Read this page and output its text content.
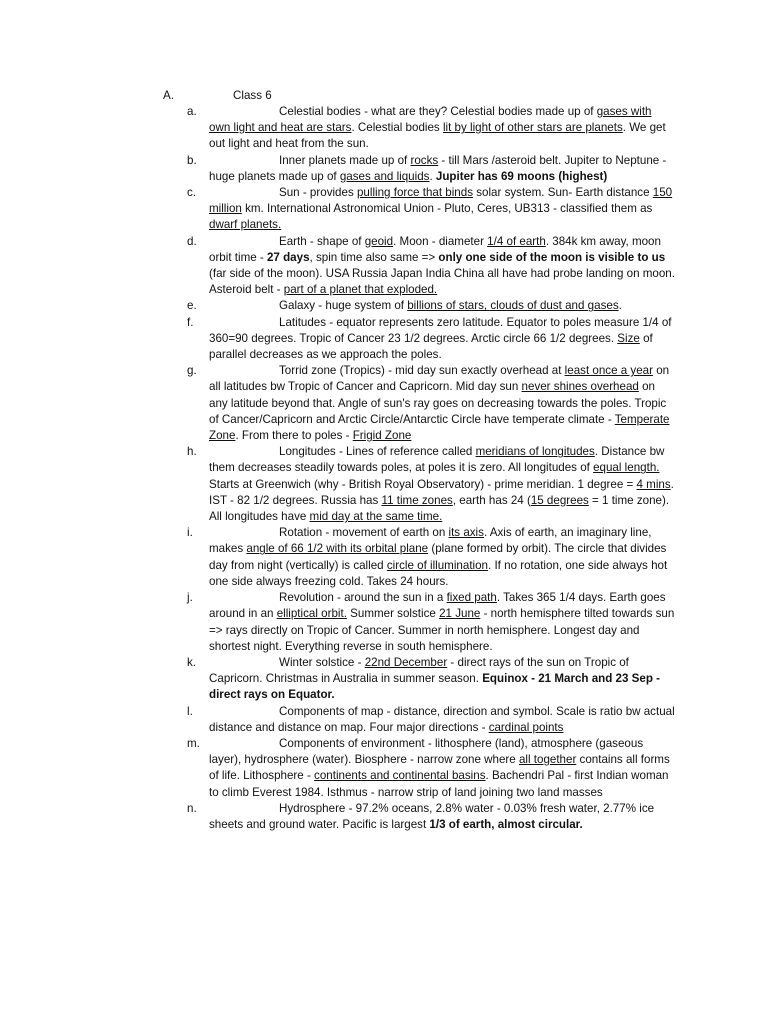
A.	Class 6
a.	Celestial bodies - what are they? Celestial bodies made up of gases with own light and heat are stars. Celestial bodies lit by light of other stars are planets. We get out light and heat from the sun.
b.	Inner planets made up of rocks - till Mars /asteroid belt. Jupiter to Neptune - huge planets made up of gases and liquids. Jupiter has 69 moons (highest)
c.	Sun - provides pulling force that binds solar system. Sun- Earth distance 150 million km. International Astronomical Union - Pluto, Ceres, UB313 - classified them as dwarf planets.
d.	Earth - shape of geoid. Moon - diameter 1/4 of earth. 384k km away, moon orbit time - 27 days, spin time also same => only one side of the moon is visible to us (far side of the moon). USA Russia Japan India China all have had probe landing on moon. Asteroid belt - part of a planet that exploded.
e.	Galaxy - huge system of billions of stars, clouds of dust and gases.
f.	Latitudes - equator represents zero latitude. Equator to poles measure 1/4 of 360=90 degrees. Tropic of Cancer 23 1/2 degrees. Arctic circle 66 1/2 degrees. Size of parallel decreases as we approach the poles.
g.	Torrid zone (Tropics) - mid day sun exactly overhead at least once a year on all latitudes bw Tropic of Cancer and Capricorn. Mid day sun never shines overhead on any latitude beyond that. Angle of sun's ray goes on decreasing towards the poles. Tropic of Cancer/Capricorn and Arctic Circle/Antarctic Circle have temperate climate - Temperate Zone. From there to poles - Frigid Zone
h.	Longitudes - Lines of reference called meridians of longitudes. Distance bw them decreases steadily towards poles, at poles it is zero. All longitudes of equal length. Starts at Greenwich (why - British Royal Observatory) - prime meridian. 1 degree = 4 mins. IST - 82 1/2 degrees. Russia has 11 time zones, earth has 24 (15 degrees = 1 time zone). All longitudes have mid day at the same time.
i.	Rotation - movement of earth on its axis. Axis of earth, an imaginary line, makes angle of 66 1/2 with its orbital plane (plane formed by orbit). The circle that divides day from night (vertically) is called circle of illumination. If no rotation, one side always hot one side always freezing cold. Takes 24 hours.
j.	Revolution - around the sun in a fixed path. Takes 365 1/4 days. Earth goes around in an elliptical orbit. Summer solstice 21 June - north hemisphere tilted towards sun => rays directly on Tropic of Cancer. Summer in north hemisphere. Longest day and shortest night. Everything reverse in south hemisphere.
k.	Winter solstice - 22nd December - direct rays of the sun on Tropic of Capricorn. Christmas in Australia in summer season. Equinox - 21 March and 23 Sep - direct rays on Equator.
l.	Components of map - distance, direction and symbol. Scale is ratio bw actual distance and distance on map. Four major directions - cardinal points
m.	Components of environment - lithosphere (land), atmosphere (gaseous layer), hydrosphere (water). Biosphere - narrow zone where all together contains all forms of life. Lithosphere - continents and continental basins. Bachendri Pal - first Indian woman to climb Everest 1984. Isthmus - narrow strip of land joining two land masses
n.	Hydrosphere - 97.2% oceans, 2.8% water - 0.03% fresh water, 2.77% ice sheets and ground water. Pacific is largest 1/3 of earth, almost circular.
